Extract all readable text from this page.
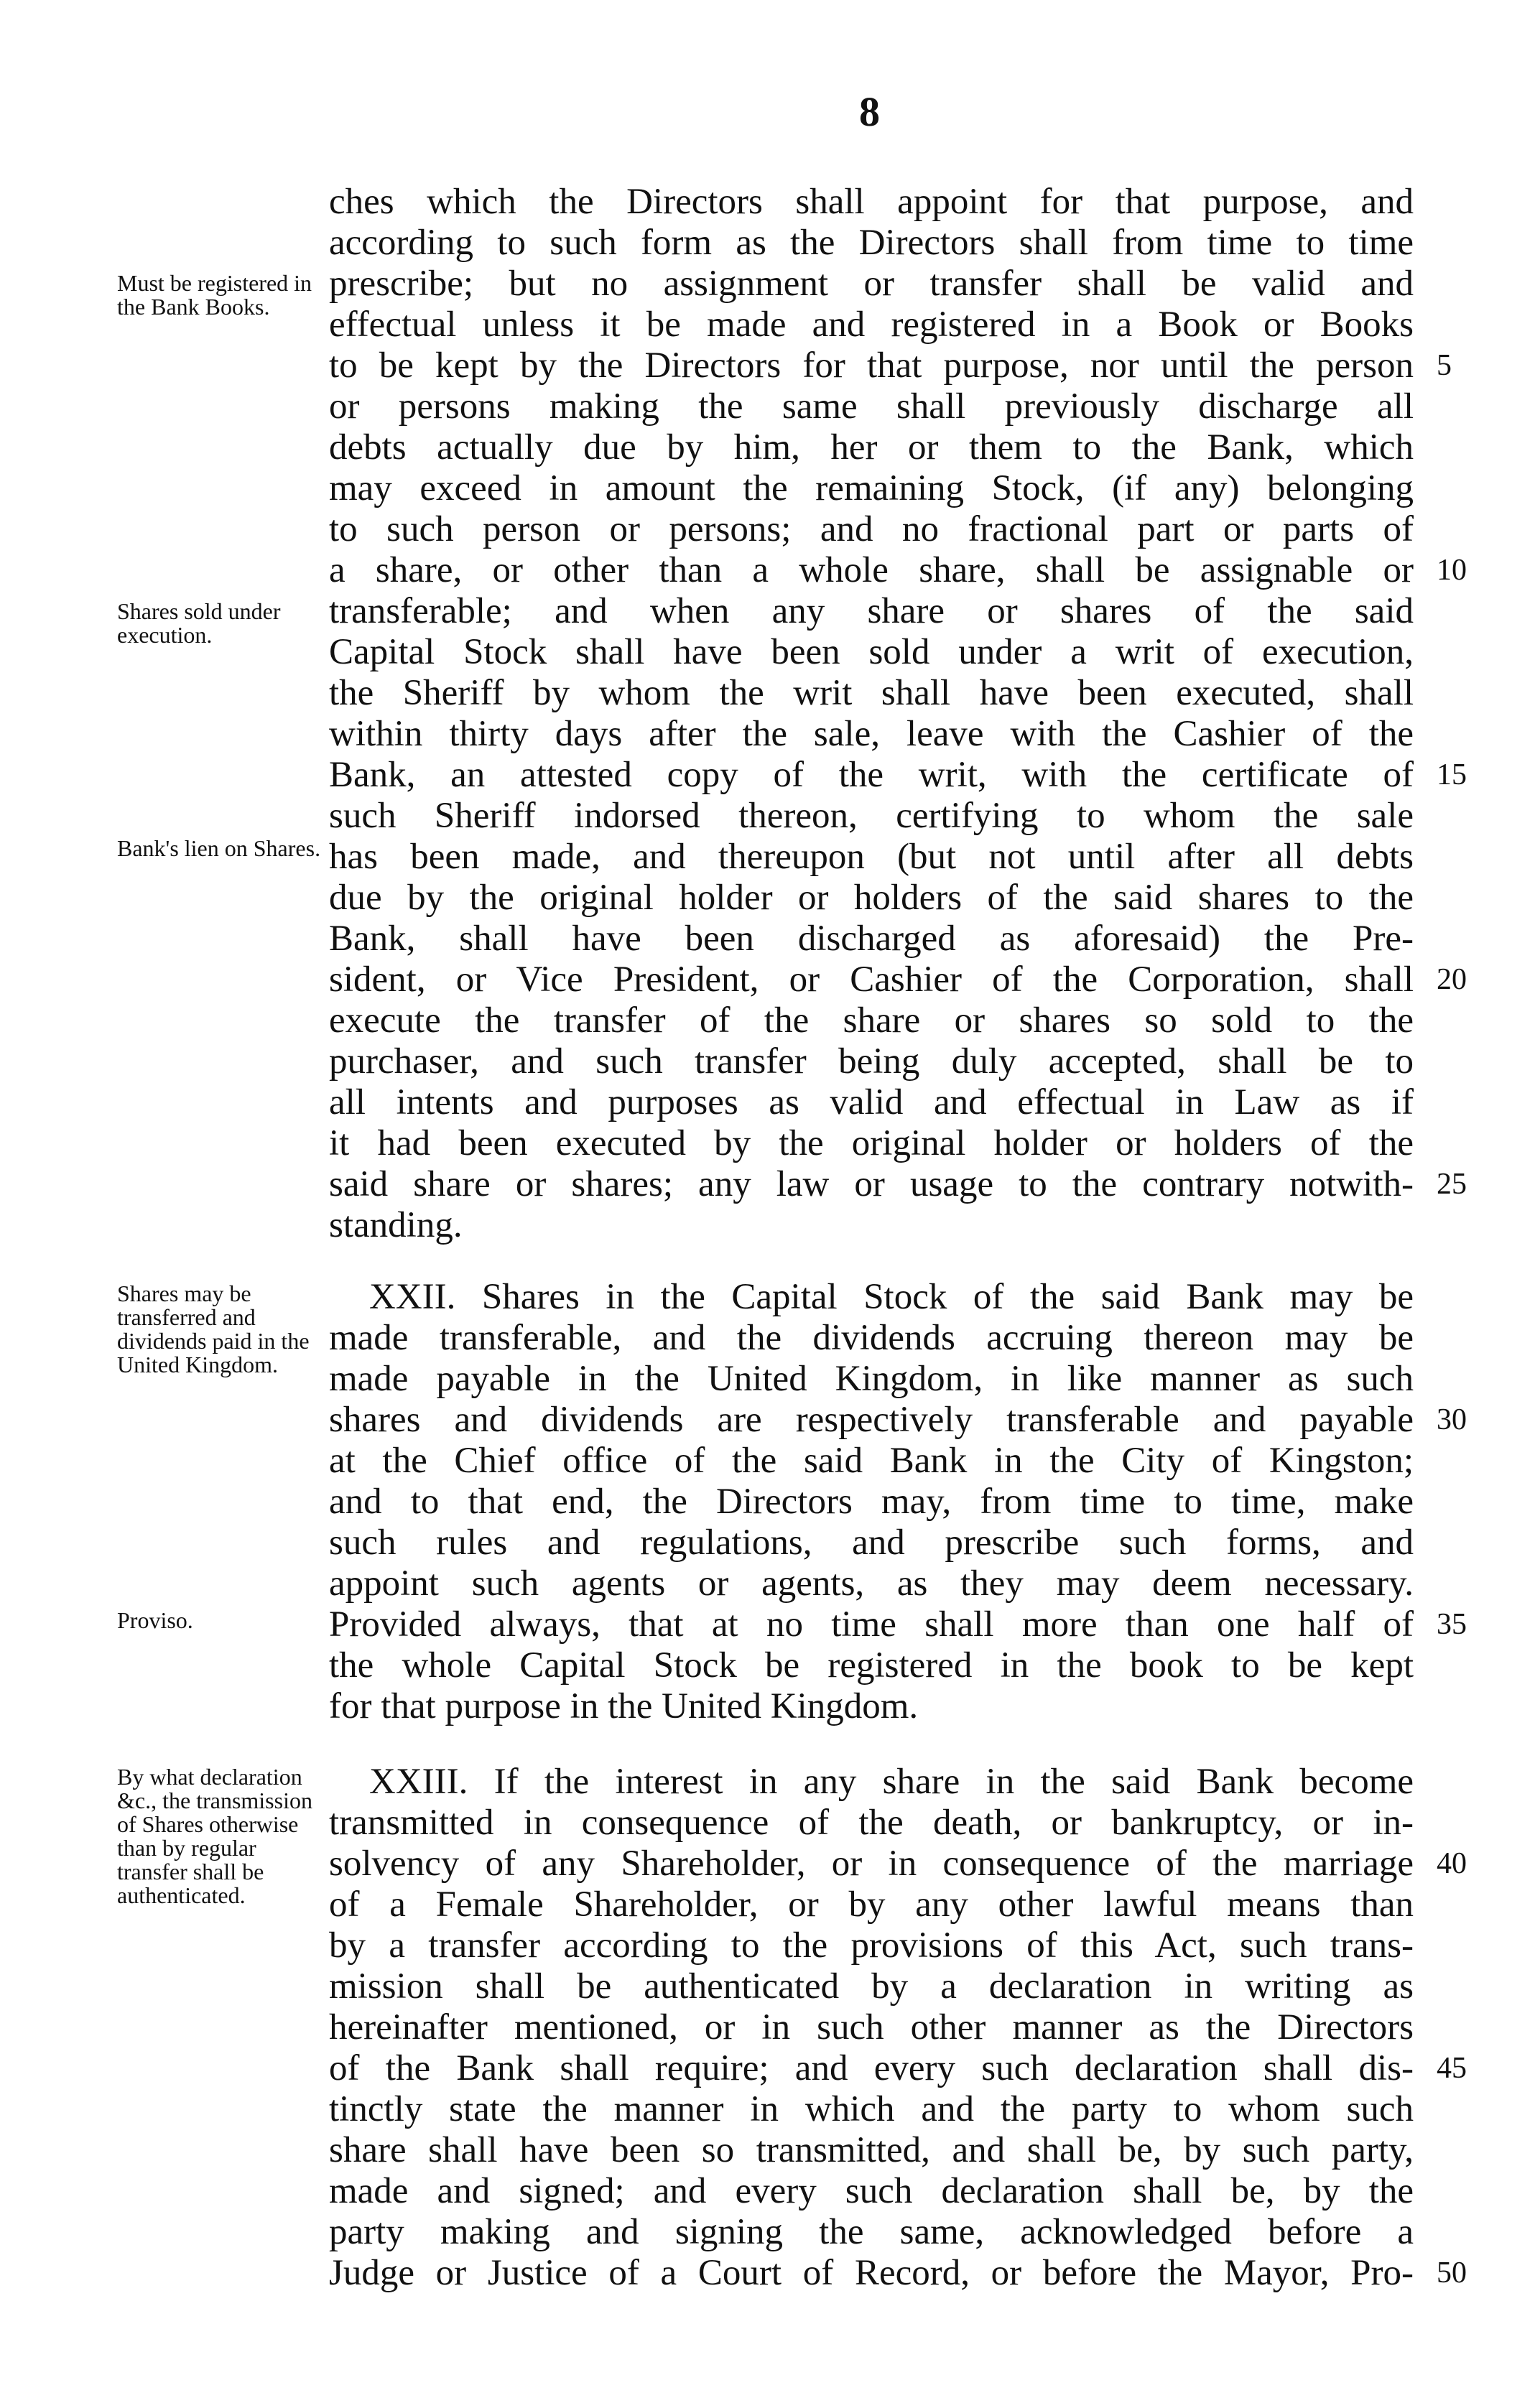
8
ches which the Directors shall appoint for that purpose, and
according to such form as the Directors shall from time to time
prescribe; but no assignment or transfer shall be valid and
effectual unless it be made and registered in a Book or Books
to be kept by the Directors for that purpose, nor until the person
or persons making the same shall previously discharge all
debts actually due by him, her or them to the Bank, which
may exceed in amount the remaining Stock, (if any) belonging
to such person or persons; and no fractional part or parts of
a share, or other than a whole share, shall be assignable or
transferable; and when any share or shares of the said
Capital Stock shall have been sold under a writ of execution,
the Sheriff by whom the writ shall have been executed, shall
within thirty days after the sale, leave with the Cashier of the
Bank, an attested copy of the writ, with the certificate of
such Sheriff indorsed thereon, certifying to whom the sale
has been made, and thereupon (but not until after all debts
due by the original holder or holders of the said shares to the
Bank, shall have been discharged as aforesaid) the Pre-
sident, or Vice President, or Cashier of the Corporation, shall
execute the transfer of the share or shares so sold to the
purchaser, and such transfer being duly accepted, shall be to
all intents and purposes as valid and effectual in Law as if
it had been executed by the original holder or holders of the
said share or shares; any law or usage to the contrary notwith-
standing.
XXII. Shares in the Capital Stock of the said Bank may be
made transferable, and the dividends accruing thereon may be
made payable in the United Kingdom, in like manner as such
shares and dividends are respectively transferable and payable
at the Chief office of the said Bank in the City of Kingston;
and to that end, the Directors may, from time to time, make
such rules and regulations, and prescribe such forms, and
appoint such agents or agents, as they may deem necessary.
Provided always, that at no time shall more than one half of
the whole Capital Stock be registered in the book to be kept
for that purpose in the United Kingdom.
XXIII. If the interest in any share in the said Bank become
transmitted in consequence of the death, or bankruptcy, or in-
solvency of any Shareholder, or in consequence of the marriage
of a Female Shareholder, or by any other lawful means than
by a transfer according to the provisions of this Act, such trans-
mission shall be authenticated by a declaration in writing as
hereinafter mentioned, or in such other manner as the Directors
of the Bank shall require; and every such declaration shall dis-
tinctly state the manner in which and the party to whom such
share shall have been so transmitted, and shall be, by such party,
made and signed; and every such declaration shall be, by the
party making and signing the same, acknowledged before a
Judge or Justice of a Court of Record, or before the Mayor, Pro-
Must be registered in the Bank Books.
Shares sold under execution.
Bank's lien on Shares.
Shares may be transferred and dividends paid in the United Kingdom.
Proviso.
By what declaration &c., the transmission of Shares otherwise than by regular transfer shall be authenticated.
5
10
15
20
25
30
35
40
45
50
